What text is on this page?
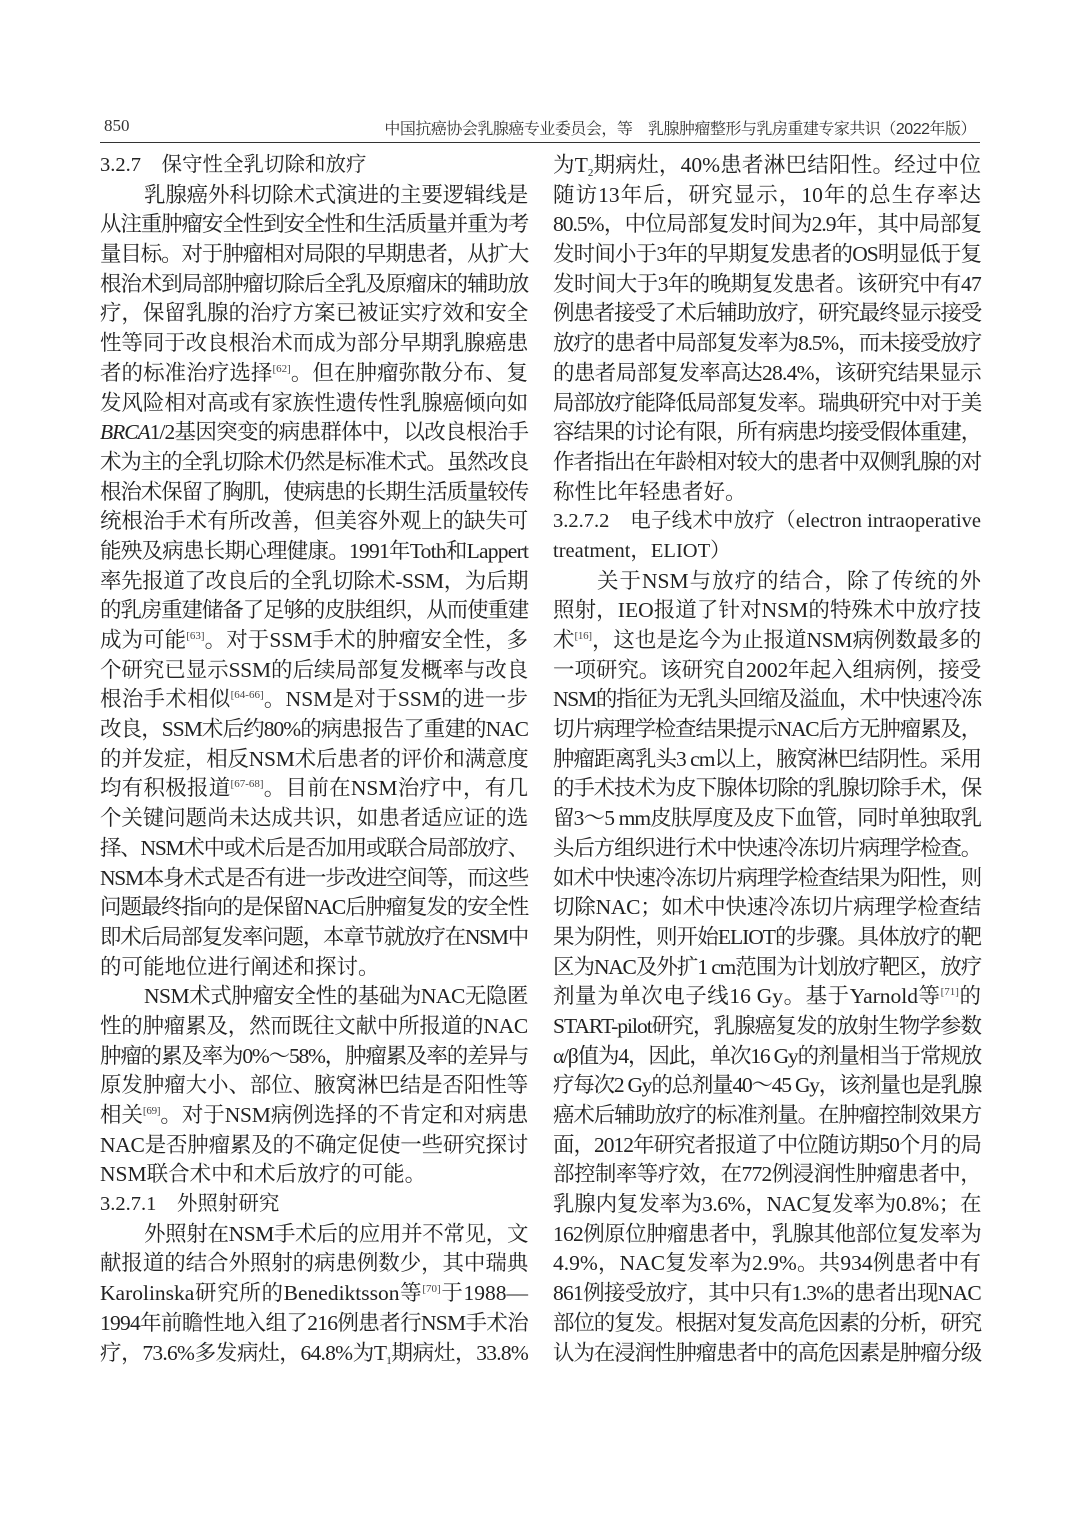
850	中国抗癌协会乳腺癌专业委员会，等　乳腺肿瘤整形与乳房重建专家共识（2022年版）
3.2.7　保守性全乳切除和放疗
乳腺癌外科切除术式演进的主要逻辑线是
从注重肿瘤安全性到安全性和生活质量并重为考
量目标。对于肿瘤相对局限的早期患者，从扩大
根治术到局部肿瘤切除后全乳及原瘤床的辅助放
疗，保留乳腺的治疗方案已被证实疗效和安全
性等同于改良根治术而成为部分早期乳腺癌患
者的标准治疗选择[62]。但在肿瘤弥散分布、复
发风险相对高或有家族性遗传性乳腺癌倾向如
BRCA1/2基因突变的病患群体中，以改良根治手
术为主的全乳切除术仍然是标准术式。虽然改良
根治术保留了胸肌，使病患的长期生活质量较传
统根治手术有所改善，但美容外观上的缺失可
能殃及病患长期心理健康。1991年Toth和Lappert
率先报道了改良后的全乳切除术-SSM，为后期
的乳房重建储备了足够的皮肤组织，从而使重建
成为可能[63]。对于SSM手术的肿瘤安全性，多
个研究已显示SSM的后续局部复发概率与改良
根治手术相似[64-66]。NSM是对于SSM的进一步
改良，SSM术后约80%的病患报告了重建的NAC
的并发症，相反NSM术后患者的评价和满意度
均有积极报道[67-68]。目前在NSM治疗中，有几
个关键问题尚未达成共识，如患者适应证的选
择、NSM术中或术后是否加用或联合局部放疗、
NSM本身术式是否有进一步改进空间等，而这些
问题最终指向的是保留NAC后肿瘤复发的安全性
即术后局部复发率问题，本章节就放疗在NSM中
的可能地位进行阐述和探讨。
NSM术式肿瘤安全性的基础为NAC无隐匿
性的肿瘤累及，然而既往文献中所报道的NAC
肿瘤的累及率为0%～58%，肿瘤累及率的差异与
原发肿瘤大小、部位、腋窝淋巴结是否阳性等
相关[69]。对于NSM病例选择的不肯定和对病患
NAC是否肿瘤累及的不确定促使一些研究探讨
NSM联合术中和术后放疗的可能。
3.2.7.1　外照射研究
外照射在NSM手术后的应用并不常见，文
献报道的结合外照射的病患例数少，其中瑞典
Karolinska研究所的Benediktsson等[70]于1988—
1994年前瞻性地入组了216例患者行NSM手术治
疗，73.6%多发病灶，64.8%为$T_1$期病灶，33.8%
为$T_2$期病灶，40%患者淋巴结阳性。经过中位
随访13年后，研究显示，10年的总生存率达
80.5%，中位局部复发时间为2.9年，其中局部复
发时间小于3年的早期复发患者的OS明显低于复
发时间大于3年的晚期复发患者。该研究中有47
例患者接受了术后辅助放疗，研究最终显示接受
放疗的患者中局部复发率为8.5%，而未接受放疗
的患者局部复发率高达28.4%，该研究结果显示
局部放疗能降低局部复发率。瑞典研究中对于美
容结果的讨论有限，所有病患均接受假体重建，
作者指出在年龄相对较大的患者中双侧乳腺的对
称性比年轻患者好。
3.2.7.2　电子线术中放疗（electron intraoperative
treatment，ELIOT）
关于NSM与放疗的结合，除了传统的外
照射，IEO报道了针对NSM的特殊术中放疗技
术[16]，这也是迄今为止报道NSM病例数最多的
一项研究。该研究自2002年起入组病例，接受
NSM的指征为无乳头回缩及溢血，术中快速冷冻
切片病理学检查结果提示NAC后方无肿瘤累及，
肿瘤距离乳头3 cm以上，腋窝淋巴结阴性。采用
的手术技术为皮下腺体切除的乳腺切除手术，保
留3～5 mm皮肤厚度及皮下血管，同时单独取乳
头后方组织进行术中快速冷冻切片病理学检查。
如术中快速冷冻切片病理学检查结果为阳性，则
切除NAC；如术中快速冷冻切片病理学检查结
果为阴性，则开始ELIOT的步骤。具体放疗的靶
区为NAC及外扩1 cm范围为计划放疗靶区，放疗
剂量为单次电子线16 Gy。基于Yarnold等[71]的
START-pilot研究，乳腺癌复发的放射生物学参数
α/β值为4，因此，单次16 Gy的剂量相当于常规放
疗每次2 Gy的总剂量40～45 Gy，该剂量也是乳腺
癌术后辅助放疗的标准剂量。在肿瘤控制效果方
面，2012年研究者报道了中位随访期50个月的局
部控制率等疗效，在772例浸润性肿瘤患者中，
乳腺内复发率为3.6%，NAC复发率为0.8%；在
162例原位肿瘤患者中，乳腺其他部位复发率为
4.9%，NAC复发率为2.9%。共934例患者中有
861例接受放疗，其中只有1.3%的患者出现NAC
部位的复发。根据对复发高危因素的分析，研究
认为在浸润性肿瘤患者中的高危因素是肿瘤分级
